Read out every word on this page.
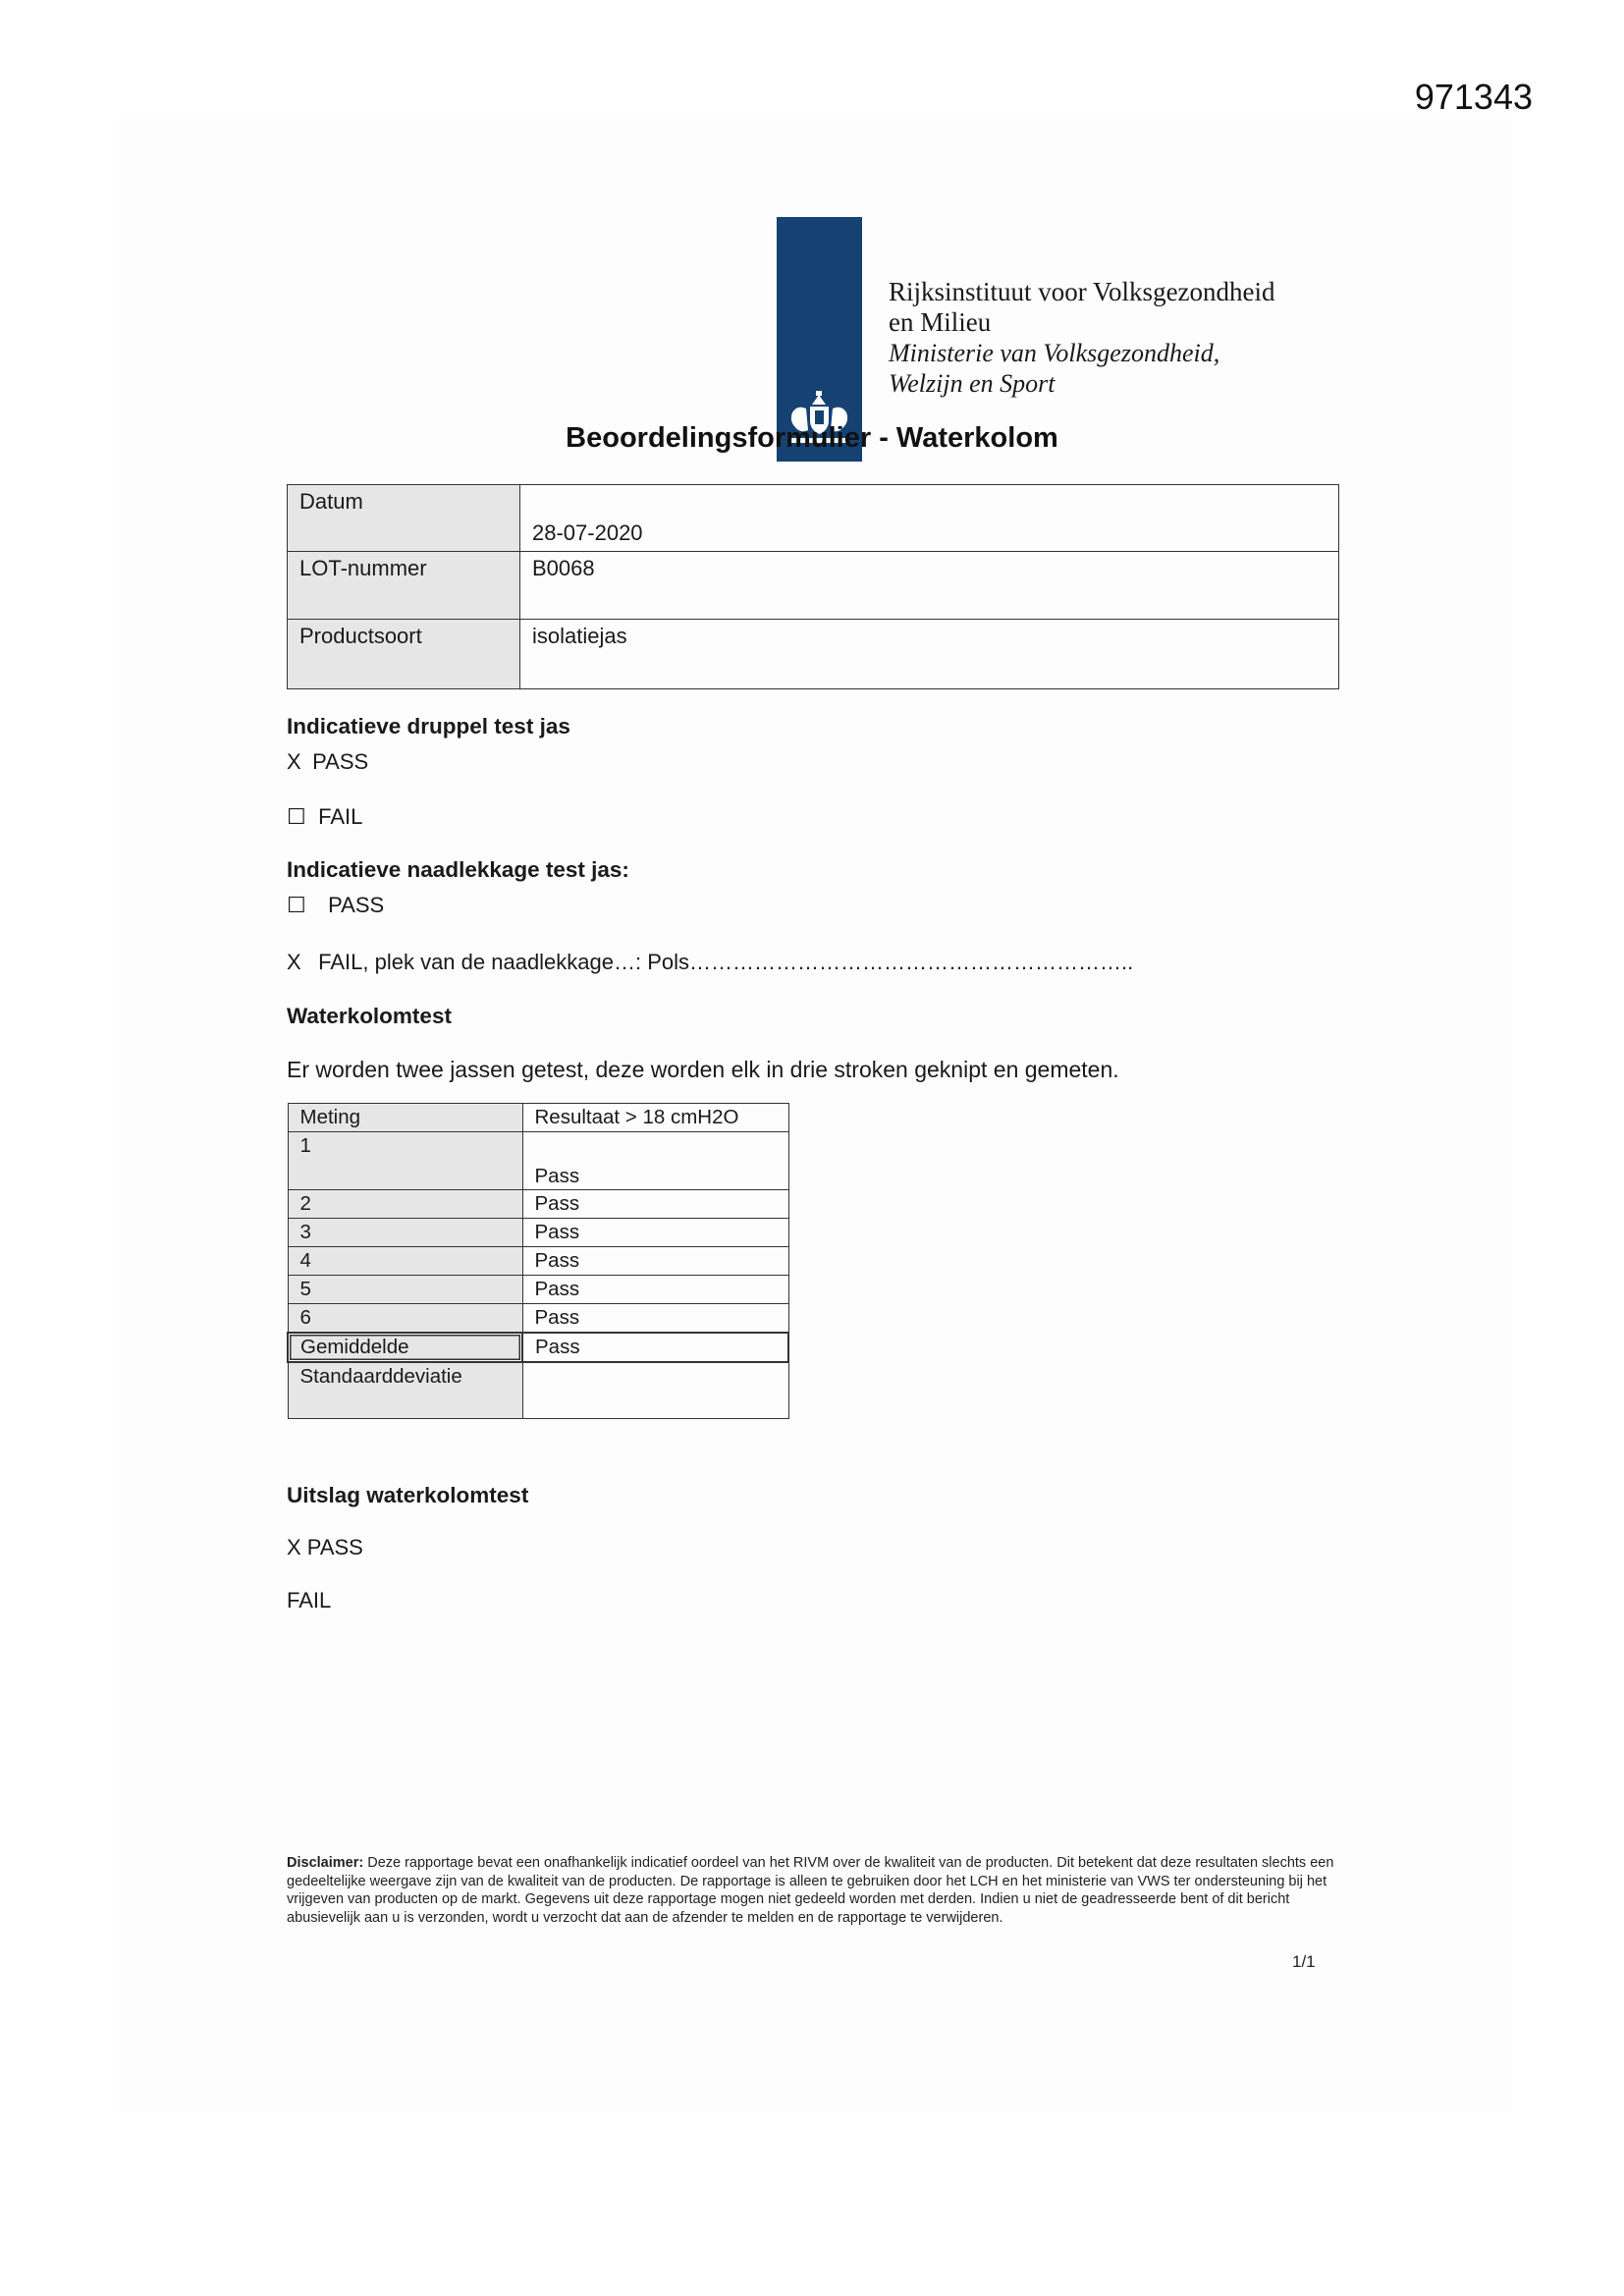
971343
Rijksinstituut voor Volksgezondheid
en Milieu
Ministerie van Volksgezondheid,
Welzijn en Sport
Beoordelingsformulier - Waterkolom
Datum	28-07-2020

LOT-nummer	B0068
Productsoort	isolatiejas
Indicatieve druppel test jas
X PASS
☐ FAIL
Indicatieve naadlekkage test jas:
☐ PASS
X FAIL, plek van de naadlekkage…: Pols……………………………………………………..
Waterkolomtest
Er worden twee jassen getest, deze worden elk in drie stroken geknipt en gemeten.
Meting	Resultaat > 18 cmH2O
1	Pass
2	Pass
3	Pass
4	Pass
5	Pass
6	Pass
Gemiddelde	Pass
Standaarddeviatie	
Uitslag waterkolomtest
X PASS
FAIL
Disclaimer: Deze rapportage bevat een onafhankelijk indicatief oordeel van het RIVM over de kwaliteit van de producten. Dit betekent dat deze resultaten slechts een gedeeltelijke weergave zijn van de kwaliteit van de producten. De rapportage is alleen te gebruiken door het LCH en het ministerie van VWS ter ondersteuning bij het vrijgeven van producten op de markt. Gegevens uit deze rapportage mogen niet gedeeld worden met derden. Indien u niet de geadresseerde bent of dit bericht abusievelijk aan u is verzonden, wordt u verzocht dat aan de afzender te melden en de rapportage te verwijderen.
1/1
